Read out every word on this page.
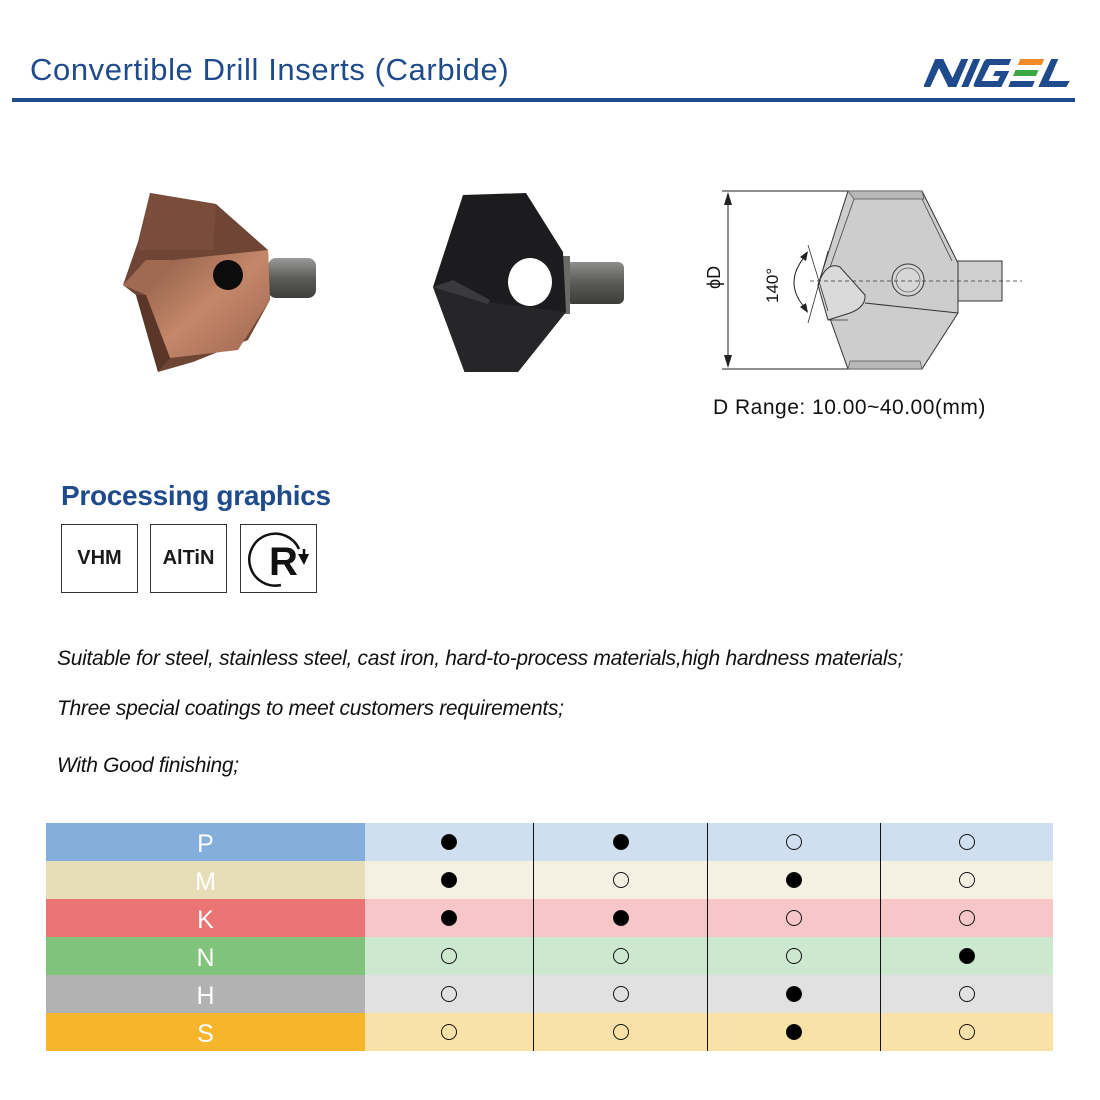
Convertible Drill Inserts (Carbide)
140°
ϕD
D Range: 10.00~40.00(mm)
Processing graphics
VHM AlTiN R
Suitable for steel, stainless steel, cast iron, hard-to-process materials,high hardness materials;
Three special coatings to meet customers requirements;
With Good finishing;
P
M
K
N
H
S
